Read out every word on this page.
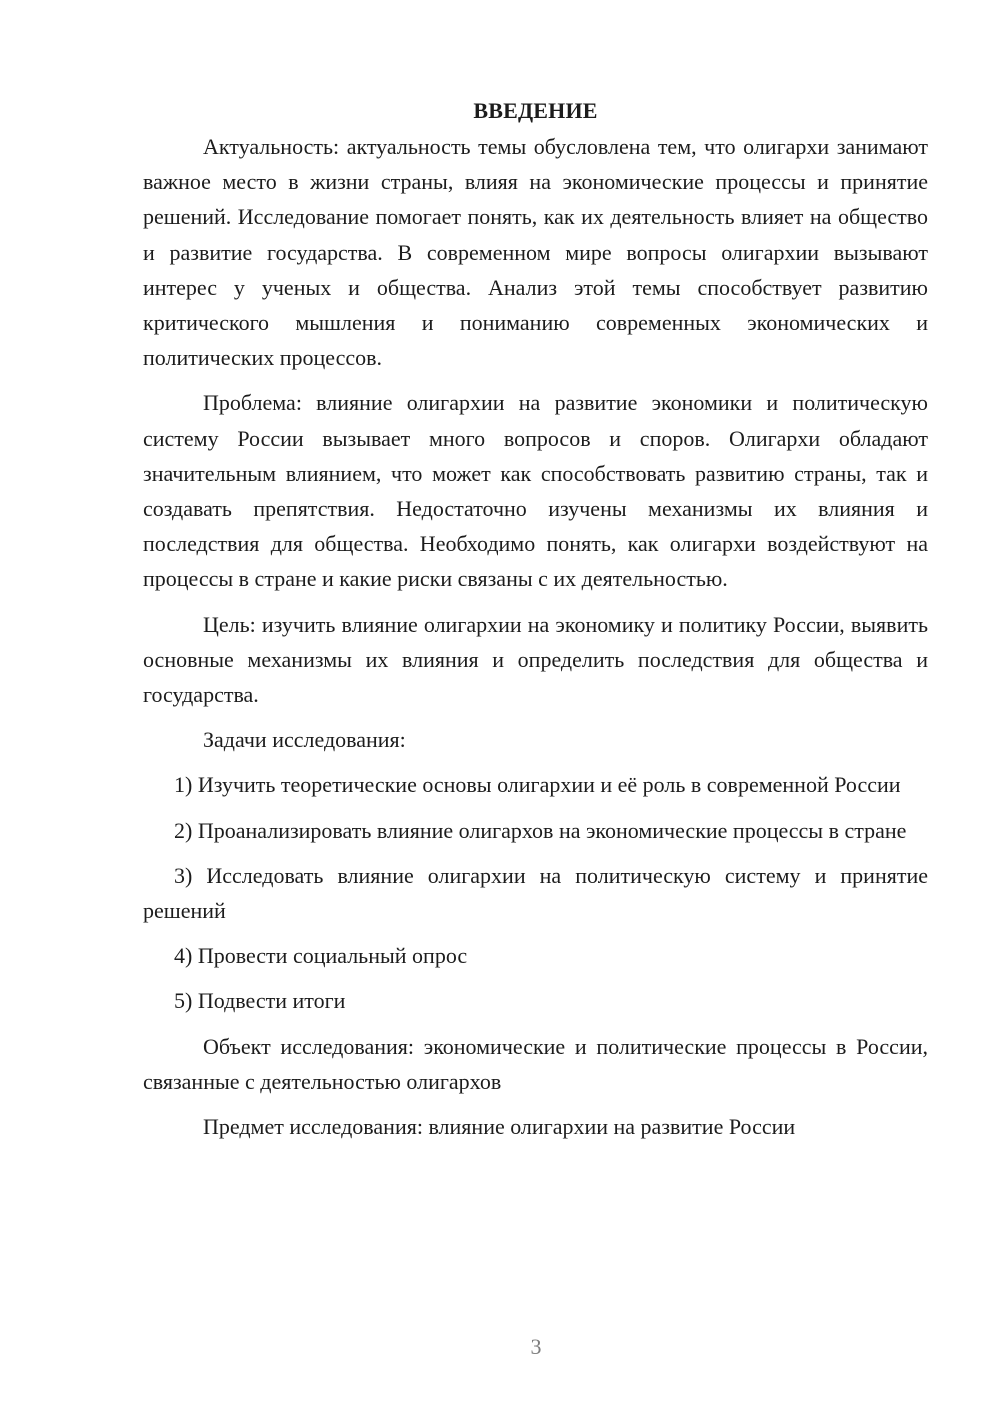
ВВЕДЕНИЕ

Актуальность: актуальность темы обусловлена тем, что олигархи занимают важное место в жизни страны, влияя на экономические процессы и принятие решений. Исследование помогает понять, как их деятельность влияет на общество и развитие государства. В современном мире вопросы олигархии вызывают интерес у ученых и общества. Анализ этой темы способствует развитию критического мышления и пониманию современных экономических и политических процессов.

Проблема: влияние олигархии на развитие экономики и политическую систему России вызывает много вопросов и споров. Олигархи обладают значительным влиянием, что может как способствовать развитию страны, так и создавать препятствия. Недостаточно изучены механизмы их влияния и последствия для общества. Необходимо понять, как олигархи воздействуют на процессы в стране и какие риски связаны с их деятельностью.

Цель: изучить влияние олигархии на экономику и политику России, выявить основные механизмы их влияния и определить последствия для общества и государства.

Задачи исследования:

1) Изучить теоретические основы олигархии и её роль в современной России

2) Проанализировать влияние олигархов на экономические процессы в стране

3) Исследовать влияние олигархии на политическую систему и принятие решений

4) Провести социальный опрос

5) Подвести итоги

Объект исследования: экономические и политические процессы в России, связанные с деятельностью олигархов

Предмет исследования: влияние олигархии на развитие России

3
